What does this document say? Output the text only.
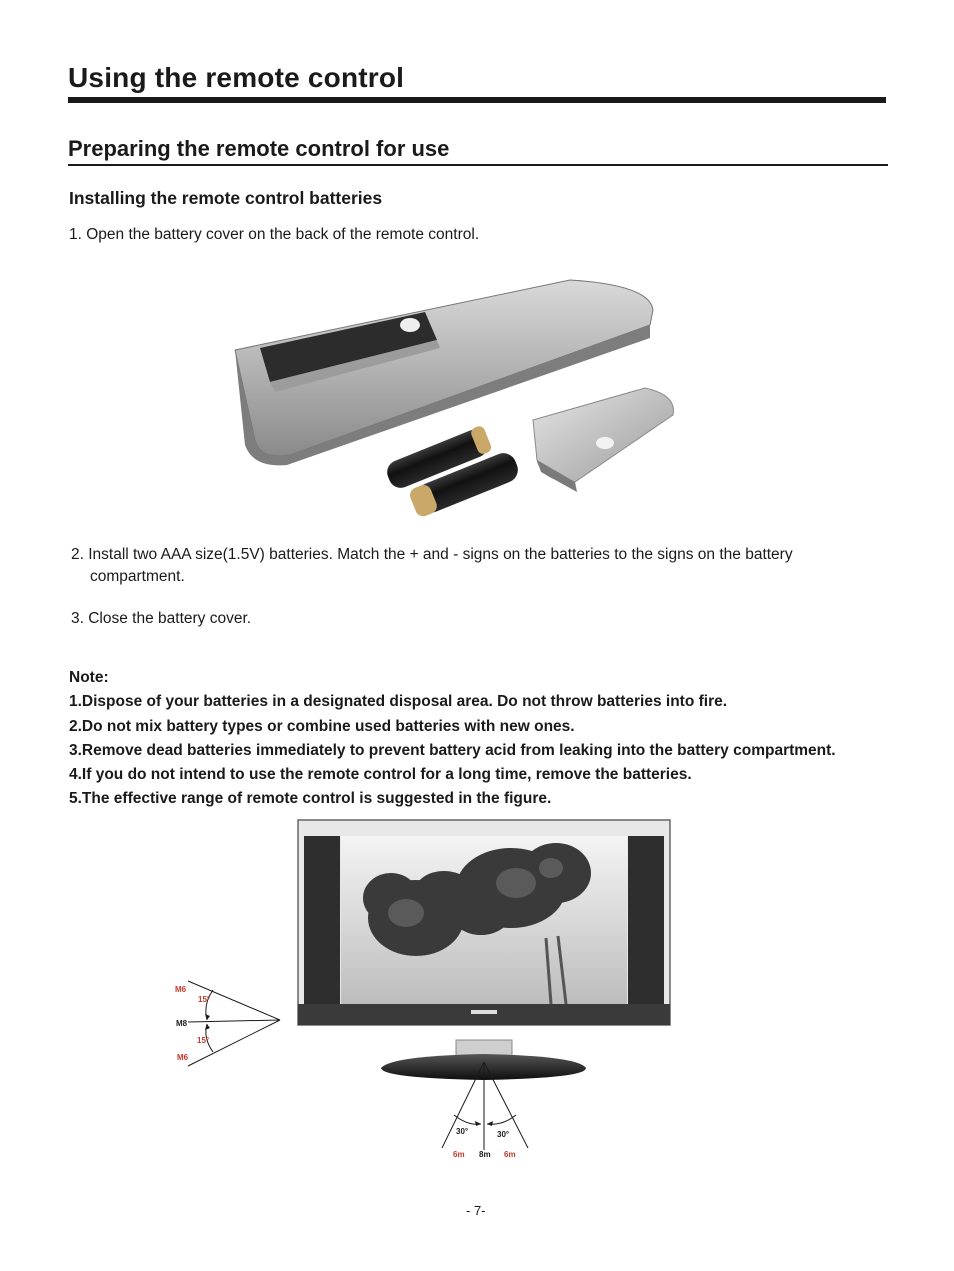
Using the remote control
Preparing the remote control for use
Installing the remote control batteries
1. Open the battery cover on the back of the remote control.
2. Install two AAA size(1.5V) batteries. Match the + and - signs on the batteries to the signs on the battery
compartment.
3. Close the battery cover.
Note:
1.Dispose of your batteries in a designated disposal area. Do not throw batteries into fire.
2.Do not mix battery types or combine used batteries with new ones.
3.Remove dead batteries immediately to prevent battery acid from leaking into the battery compartment.
4.If you do not intend to use the remote control for a long time, remove the batteries.
5.The effective range of remote control is suggested in the figure.
M6
M8
M6
15°
15°
30°	30°
6m 8m 6m
- 7-
